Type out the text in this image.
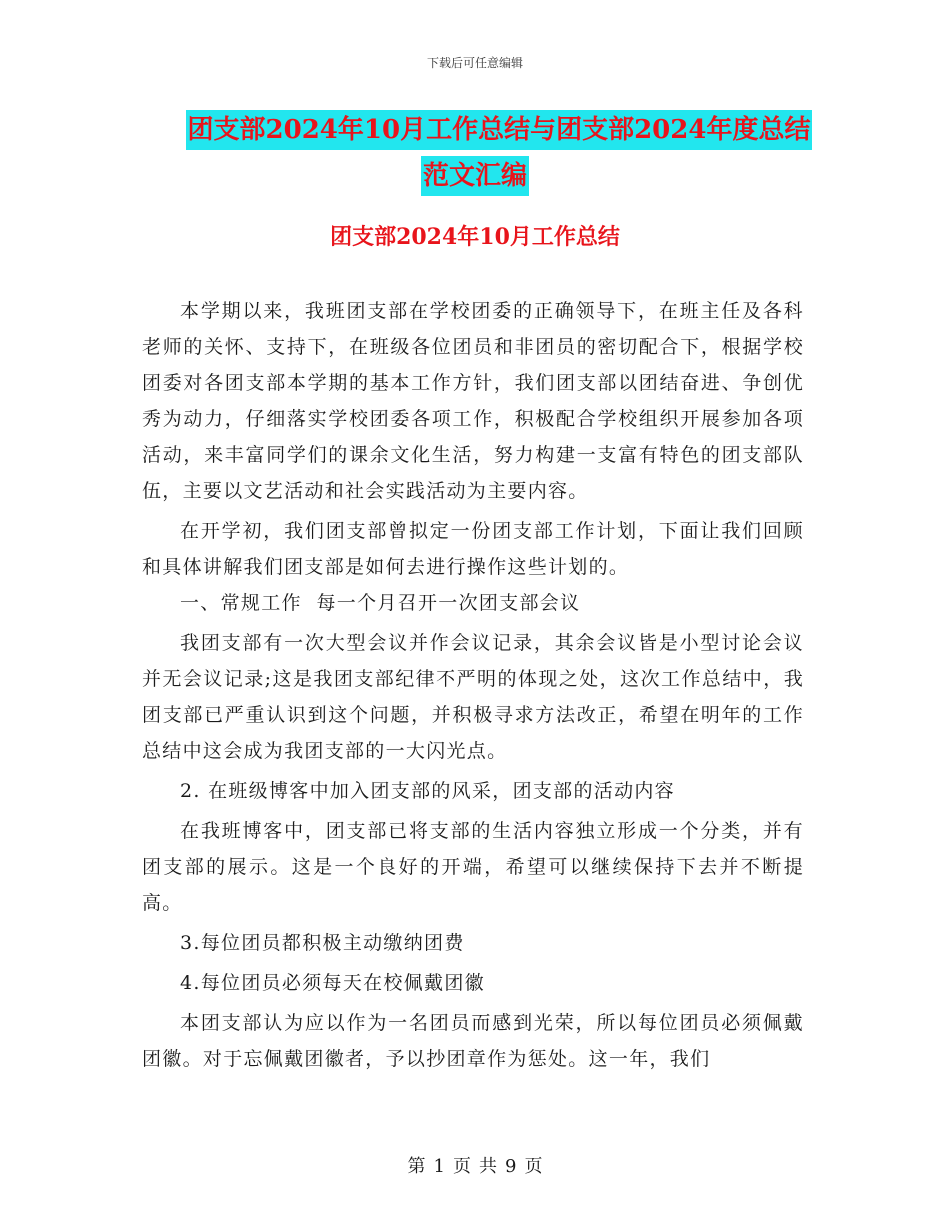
下载后可任意编辑
团支部2024年10月工作总结与团支部2024年度总结
范文汇编
团支部2024年10月工作总结

本学期以来，我班团支部在学校团委的正确领导下，在班主任及各科老师的关怀、支持下，在班级各位团员和非团员的密切配合下，根据学校团委对各团支部本学期的基本工作方针，我们团支部以团结奋进、争创优秀为动力，仔细落实学校团委各项工作，积极配合学校组织开展参加各项活动，来丰富同学们的课余文化生活，努力构建一支富有特色的团支部队伍，主要以文艺活动和社会实践活动为主要内容。

在开学初，我们团支部曾拟定一份团支部工作计划，下面让我们回顾和具体讲解我们团支部是如何去进行操作这些计划的。

一、常规工作  每一个月召开一次团支部会议

我团支部有一次大型会议并作会议记录，其余会议皆是小型讨论会议并无会议记录;这是我团支部纪律不严明的体现之处，这次工作总结中，我团支部已严重认识到这个问题，并积极寻求方法改正，希望在明年的工作总结中这会成为我团支部的一大闪光点。

2. 在班级博客中加入团支部的风采，团支部的活动内容

在我班博客中，团支部已将支部的生活内容独立形成一个分类，并有团支部的展示。这是一个良好的开端，希望可以继续保持下去并不断提高。

3.每位团员都积极主动缴纳团费

4.每位团员必须每天在校佩戴团徽

本团支部认为应以作为一名团员而感到光荣，所以每位团员必须佩戴团徽。对于忘佩戴团徽者，予以抄团章作为惩处。这一年，我们

第 1 页 共 9 页
